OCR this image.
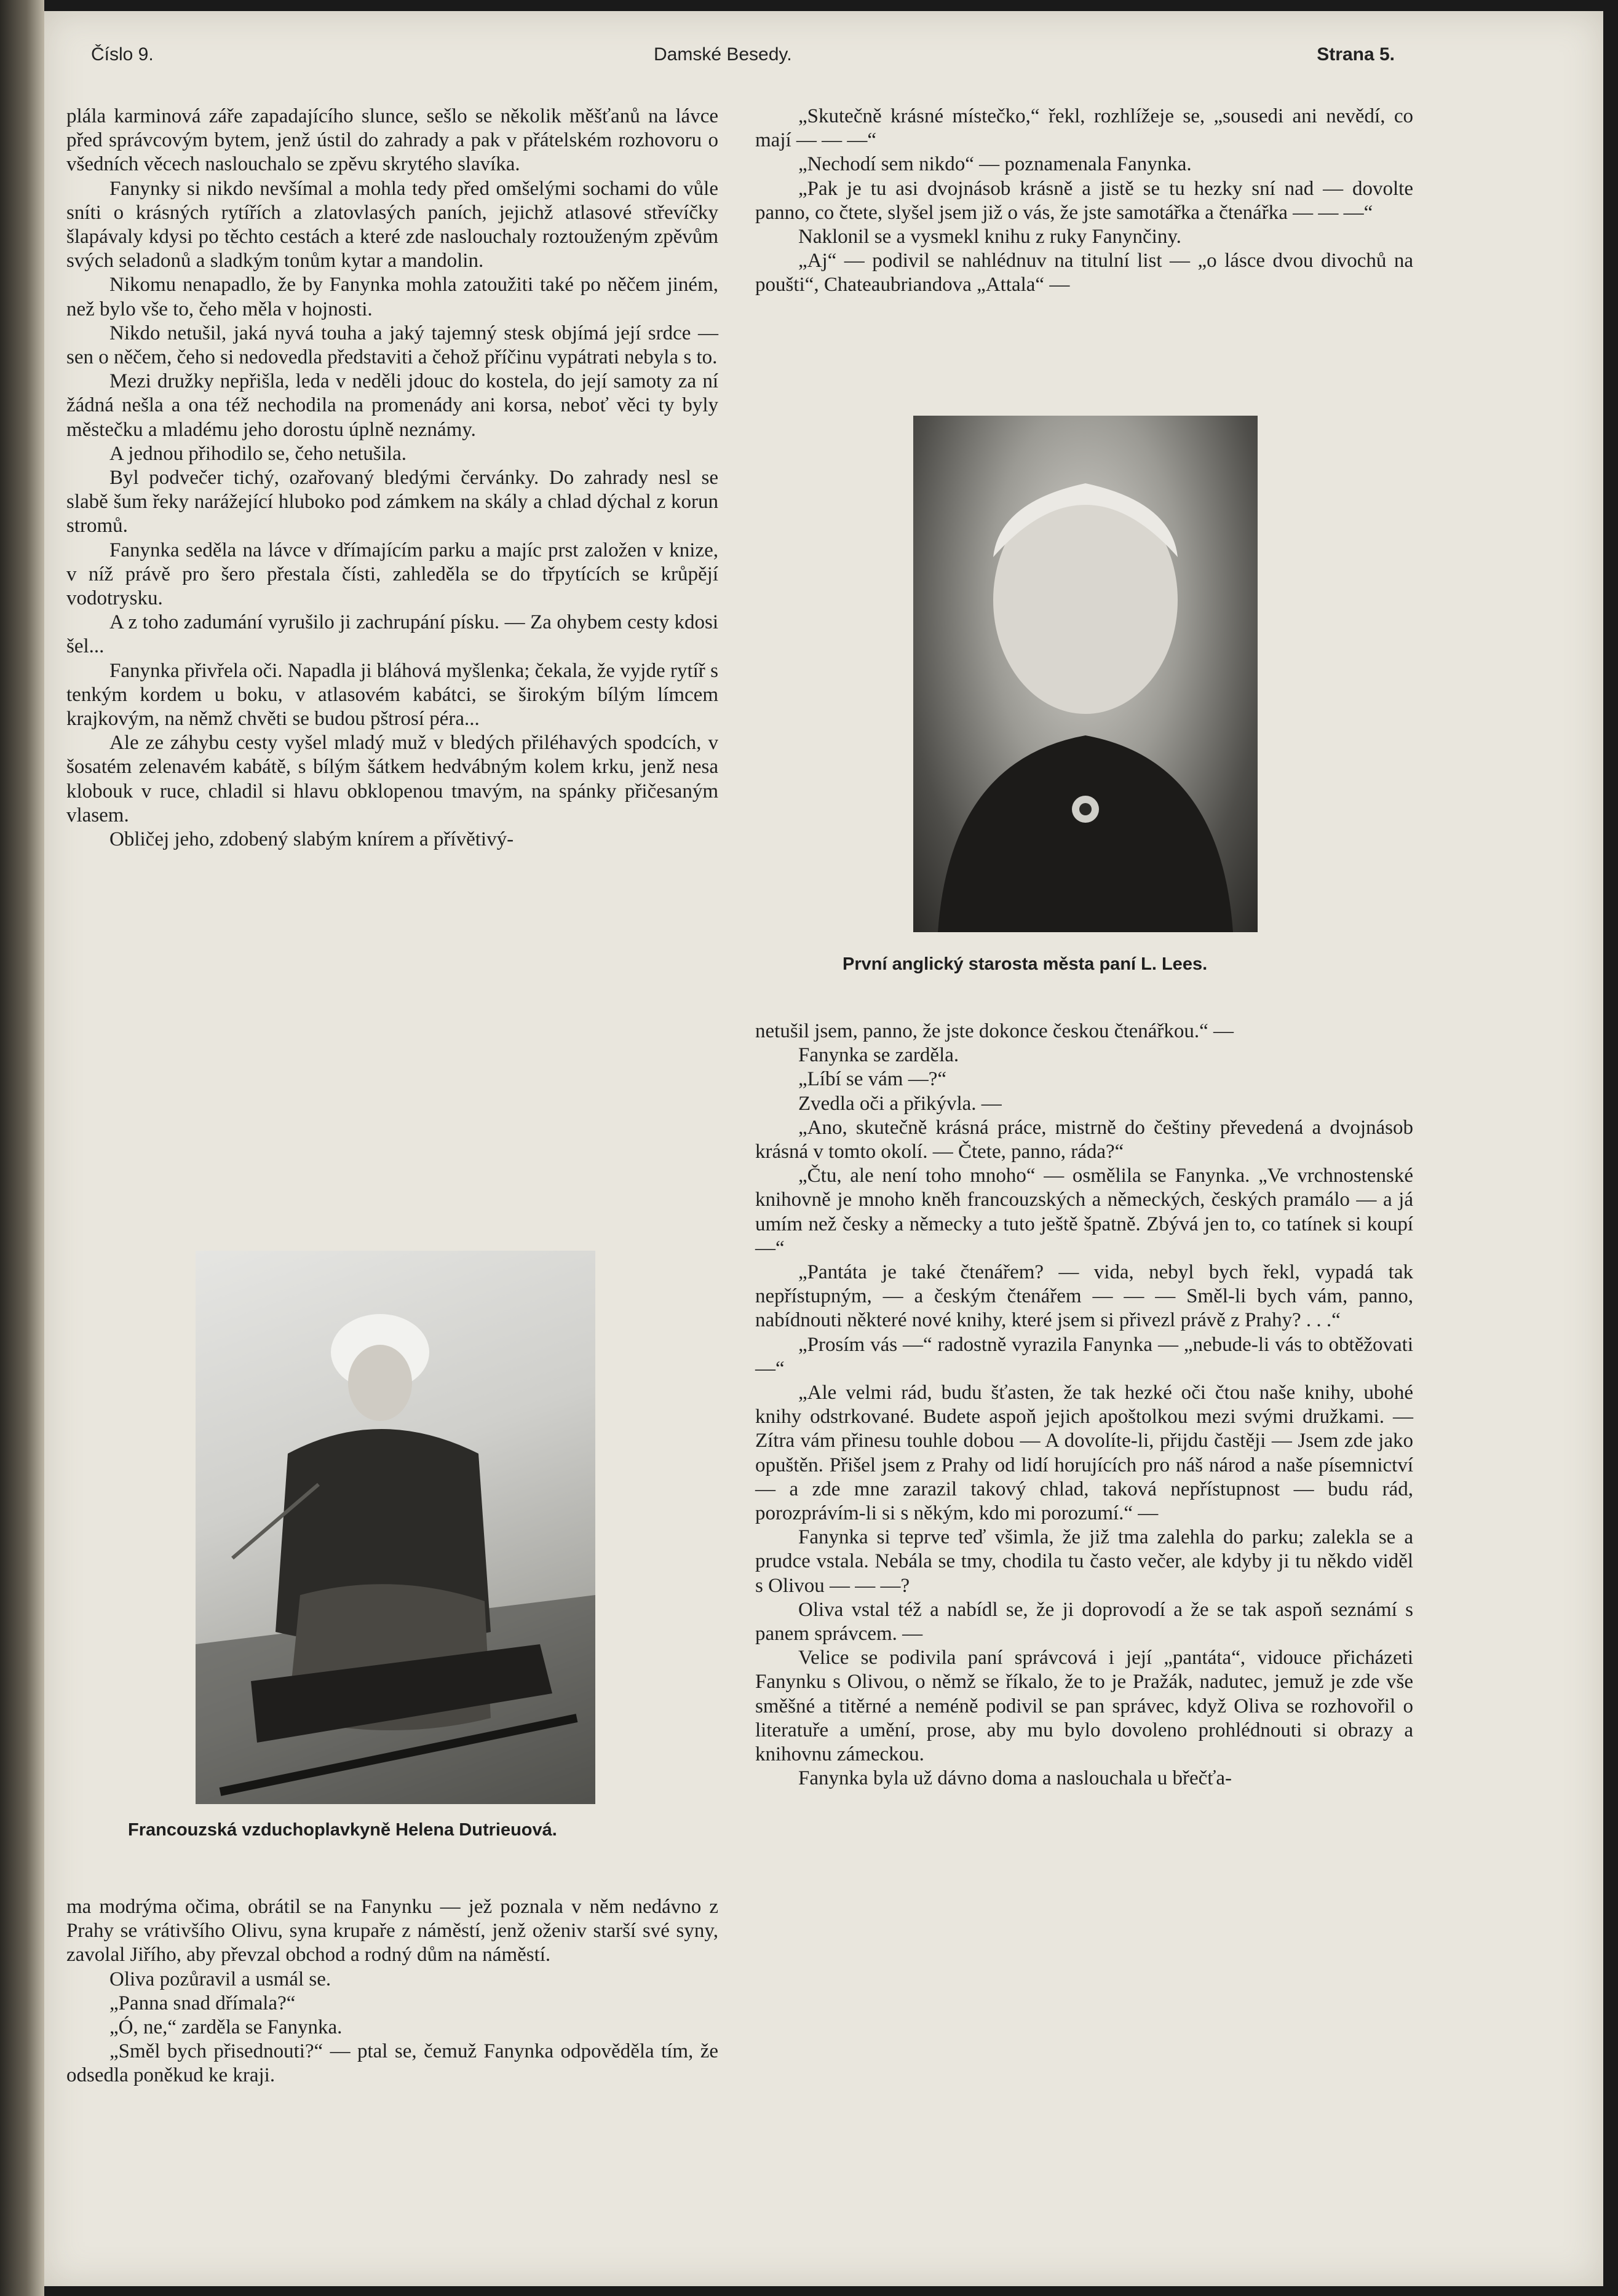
Číslo 9.	Damské Besedy.	Strana 5.

plála karminová záře zapadajícího slunce, sešlo se několik měšťanů na lávce před správcovým bytem, jenž ústil do zahrady a pak v přátelském rozhovoru o všedních věcech naslouchalo se zpěvu skrytého slavíka.

Fanynky si nikdo nevšímal a mohla tedy před omšelými sochami do vůle sníti o krásných rytířích a zlatovlasých paních, jejichž atlasové střevíčky šlapávaly kdysi po těchto cestách a které zde naslouchaly roztouženým zpěvům svých seladonů a sladkým tonům kytar a mandolin.

Nikomu nenapadlo, že by Fanynka mohla zatoužiti také po něčem jiném, než bylo vše to, čeho měla v hojnosti.

Nikdo netušil, jaká nyvá touha a jaký tajemný stesk objímá její srdce — sen o něčem, čeho si nedovedla představiti a čehož příčinu vypátrati nebyla s to.

Mezi družky nepřišla, leda v neděli jdouc do kostela, do její samoty za ní žádná nešla a ona též nechodila na promenády ani korsa, neboť věci ty byly městečku a mladému jeho dorostu úplně neznámy.

A jednou přihodilo se, čeho netušila.

Byl podvečer tichý, ozařovaný bledými červánky. Do zahrady nesl se slabě šum řeky narážející hluboko pod zámkem na skály a chlad dýchal z korun stromů.

Fanynka seděla na lávce v dřímajícím parku a majíc prst založen v knize, v níž právě pro šero přestala čísti, zahleděla se do třpytících se krůpějí vodotrysku.

A z toho zadumání vyrušilo ji zachrupání písku. — Za ohybem cesty kdosi šel...

Fanynka přivřela oči. Napadla ji bláhová myšlenka; čekala, že vyjde rytíř s tenkým kordem u boku, v atlasovém kabátci, se širokým bílým límcem krajkovým, na němž chvěti se budou pštrosí péra...

Ale ze záhybu cesty vyšel mladý muž v bledých přiléhavých spodcích, v šosatém zelenavém kabátě, s bílým šátkem hedvábným kolem krku, jenž nesa klobouk v ruce, chladil si hlavu obklopenou tmavým, na spánky přičesaným vlasem.

Obličej jeho, zdobený slabým knírem a přívětivý-

Francouzská vzduchoplavkyně Helena Dutrieuová.

ma modrýma očima, obrátil se na Fanynku — jež poznala v něm nedávno z Prahy se vrátivšího Olivu, syna krupaře z náměstí, jenž oženiv starší své syny, zavolal Jiřího, aby převzal obchod a rodný dům na náměstí.

Oliva pozůravil a usmál se.

„Panna snad dřímala?“

„Ó, ne,“ zarděla se Fanynka.

„Směl bych přisednouti?“ — ptal se, čemuž Fanynka odpověděla tím, že odsedla poněkud ke kraji.

„Skutečně krásné místečko,“ řekl, rozhlížeje se, „sousedi ani nevědí, co mají — — —“

„Nechodí sem nikdo“ — poznamenala Fanynka.

„Pak je tu asi dvojnásob krásně a jistě se tu hezky sní nad — dovolte panno, co čtete, slyšel jsem již o vás, že jste samotářka a čtenářka — — —“

Naklonil se a vysmekl knihu z ruky Fanynčiny.

„Aj“ — podivil se nahlédnuv na titulní list — „o lásce dvou divochů na poušti“, Chateaubriandova „Attala“ —

První anglický starosta města paní L. Lees.

netušil jsem, panno, že jste dokonce českou čtenářkou.“ —

Fanynka se zarděla.

„Líbí se vám —?“

Zvedla oči a přikývla. —

„Ano, skutečně krásná práce, mistrně do češtiny převedená a dvojnásob krásná v tomto okolí. — Čtete, panno, ráda?“

„Čtu, ale není toho mnoho“ — osmělila se Fanynka. „Ve vrchnostenské knihovně je mnoho kněh francouzských a německých, českých pramálo — a já umím než česky a německy a tuto ještě špatně. Zbývá jen to, co tatínek si koupí —“

„Pantáta je také čtenářem? — vida, nebyl bych řekl, vypadá tak nepřístupným, — a českým čtenářem — — — Směl-li bych vám, panno, nabídnouti některé nové knihy, které jsem si přivezl právě z Prahy? . . .“

„Prosím vás —“ radostně vyrazila Fanynka — „nebude-li vás to obtěžovati —“

„Ale velmi rád, budu šťasten, že tak hezké oči čtou naše knihy, ubohé knihy odstrkované. Budete aspoň jejich apoštolkou mezi svými družkami. — Zítra vám přinesu touhle dobou — A dovolíte-li, přijdu častěji — Jsem zde jako opuštěn. Přišel jsem z Prahy od lidí horujících pro náš národ a naše písemnictví — a zde mne zarazil takový chlad, taková nepřístupnost — budu rád, porozprávím-li si s někým, kdo mi porozumí.“ —

Fanynka si teprve teď všimla, že již tma zalehla do parku; zalekla se a prudce vstala. Nebála se tmy, chodila tu často večer, ale kdyby ji tu někdo viděl s Olivou — — —?

Oliva vstal též a nabídl se, že ji doprovodí a že se tak aspoň seznámí s panem správcem. —

Velice se podivila paní správcová i její „pantáta“, vidouce přicházeti Fanynku s Olivou, o němž se říkalo, že to je Pražák, nadutec, jemuž je zde vše směšné a titěrné a neméně podivil se pan správec, když Oliva se rozhovořil o literatuře a umění, prose, aby mu bylo dovoleno prohlédnouti si obrazy a knihovnu zámeckou.

Fanynka byla už dávno doma a naslouchala u břečťa-
